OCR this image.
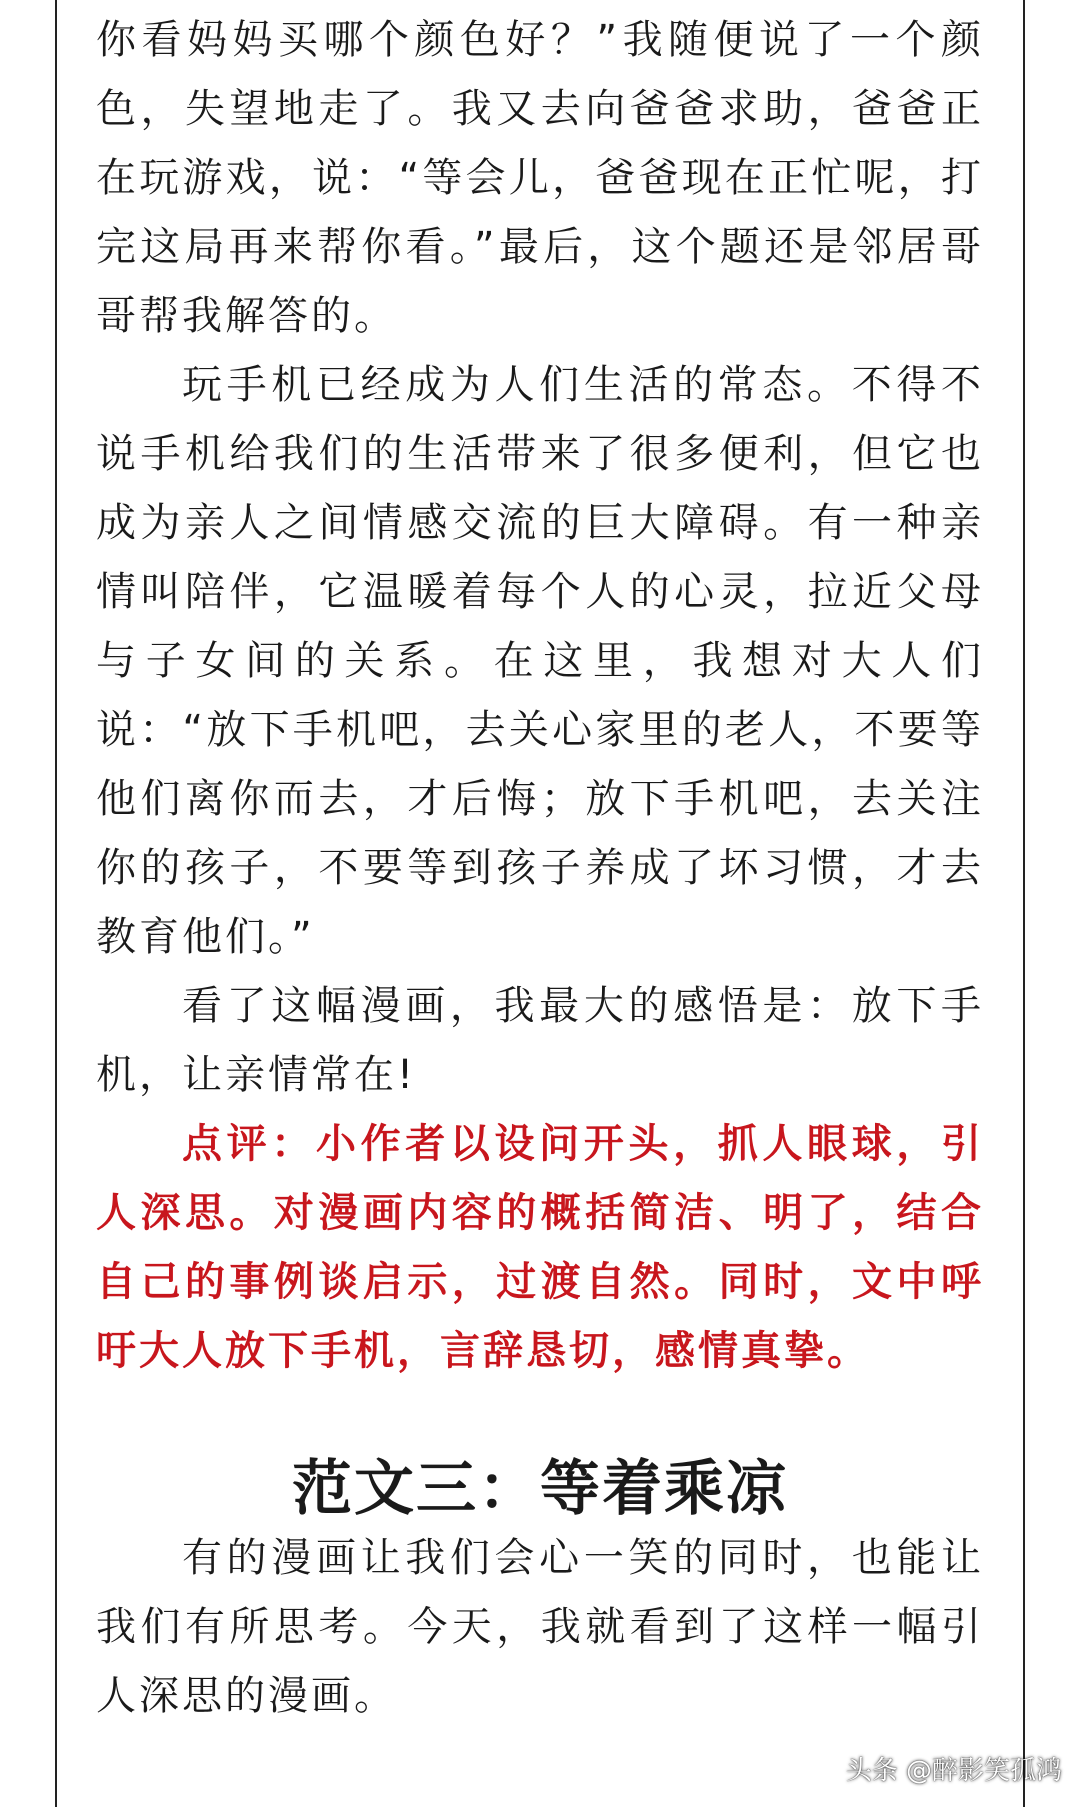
你看妈妈买哪个颜色好？”我随便说了一个颜色，失望地走了。我又去向爸爸求助，爸爸正在玩游戏，说：“等会儿，爸爸现在正忙呢，打完这局再来帮你看。”最后，这个题还是邻居哥哥帮我解答的。

玩手机已经成为人们生活的常态。不得不说手机给我们的生活带来了很多便利，但它也成为亲人之间情感交流的巨大障碍。有一种亲情叫陪伴，它温暖着每个人的心灵，拉近父母与子女间的关系。在这里，我想对大人们说：“放下手机吧，去关心家里的老人，不要等他们离你而去，才后悔；放下手机吧，去关注你的孩子，不要等到孩子养成了坏习惯，才去教育他们。”

看了这幅漫画，我最大的感悟是：放下手机，让亲情常在!

点评：小作者以设问开头，抓人眼球，引人深思。对漫画内容的概括简洁、明了，结合自己的事例谈启示，过渡自然。同时，文中呼吁大人放下手机，言辞恳切，感情真挚。

范文三：等着乘凉

有的漫画让我们会心一笑的同时，也能让我们有所思考。今天，我就看到了这样一幅引人深思的漫画。

头条 @醉影笑孤鸿
